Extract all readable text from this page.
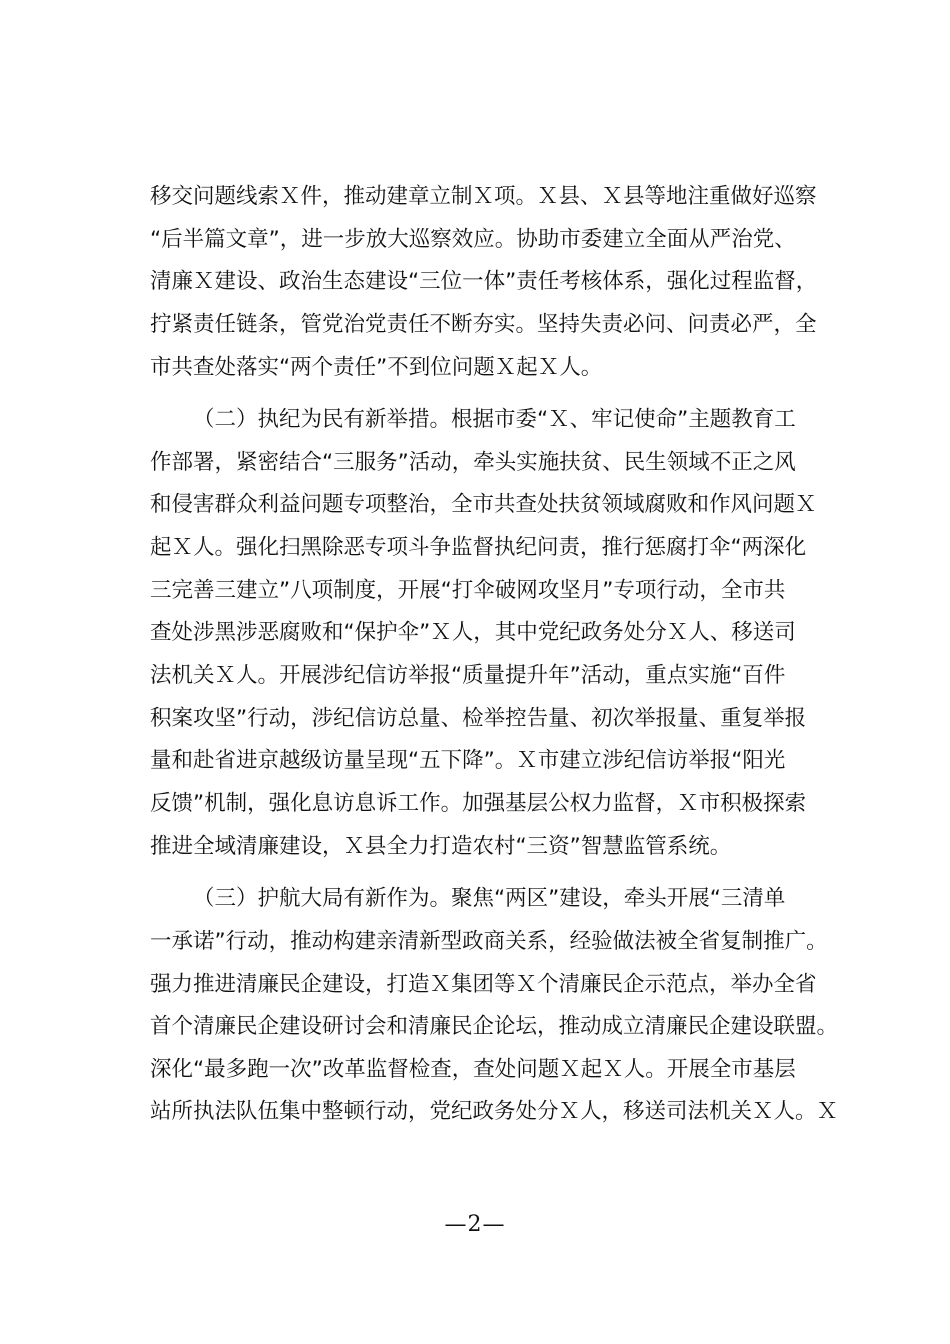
移交问题线索Ｘ件，推动建章立制Ｘ项。Ｘ县、Ｘ县等地注重做好巡察
“后半篇文章”，进一步放大巡察效应。协助市委建立全面从严治党、
清廉Ｘ建设、政治生态建设“三位一体”责任考核体系，强化过程监督，
拧紧责任链条，管党治党责任不断夯实。坚持失责必问、问责必严，全
市共查处落实“两个责任”不到位问题Ｘ起Ｘ人。
（二）执纪为民有新举措。根据市委“Ｘ、牢记使命”主题教育工
作部署，紧密结合“三服务”活动，牵头实施扶贫、民生领域不正之风
和侵害群众利益问题专项整治，全市共查处扶贫领域腐败和作风问题Ｘ
起Ｘ人。强化扫黑除恶专项斗争监督执纪问责，推行惩腐打伞“两深化
三完善三建立”八项制度，开展“打伞破网攻坚月”专项行动，全市共
查处涉黑涉恶腐败和“保护伞”Ｘ人，其中党纪政务处分Ｘ人、移送司
法机关Ｘ人。开展涉纪信访举报“质量提升年”活动，重点实施“百件
积案攻坚”行动，涉纪信访总量、检举控告量、初次举报量、重复举报
量和赴省进京越级访量呈现“五下降”。Ｘ市建立涉纪信访举报“阳光
反馈”机制，强化息访息诉工作。加强基层公权力监督，Ｘ市积极探索
推进全域清廉建设，Ｘ县全力打造农村“三资”智慧监管系统。
（三）护航大局有新作为。聚焦“两区”建设，牵头开展“三清单
一承诺”行动，推动构建亲清新型政商关系，经验做法被全省复制推广。
强力推进清廉民企建设，打造Ｘ集团等Ｘ个清廉民企示范点，举办全省
首个清廉民企建设研讨会和清廉民企论坛，推动成立清廉民企建设联盟。
深化“最多跑一次”改革监督检查，查处问题Ｘ起Ｘ人。开展全市基层
站所执法队伍集中整顿行动，党纪政务处分Ｘ人，移送司法机关Ｘ人。Ｘ
—2—
